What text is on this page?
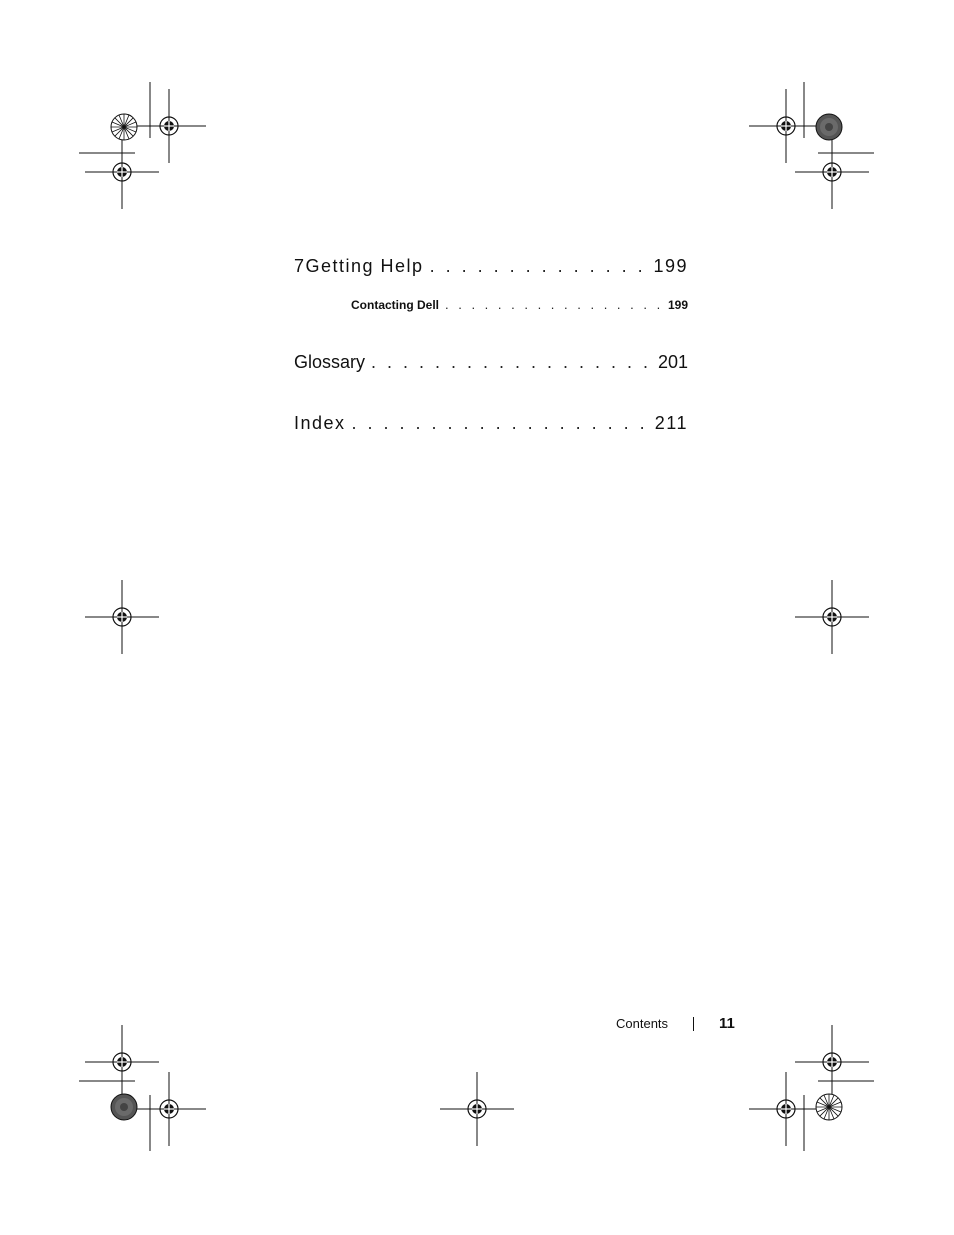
7 Getting Help . . .	199
Contacting Dell . . .	199
Glossary . . .	201
Index . . .	211
Contents	11
